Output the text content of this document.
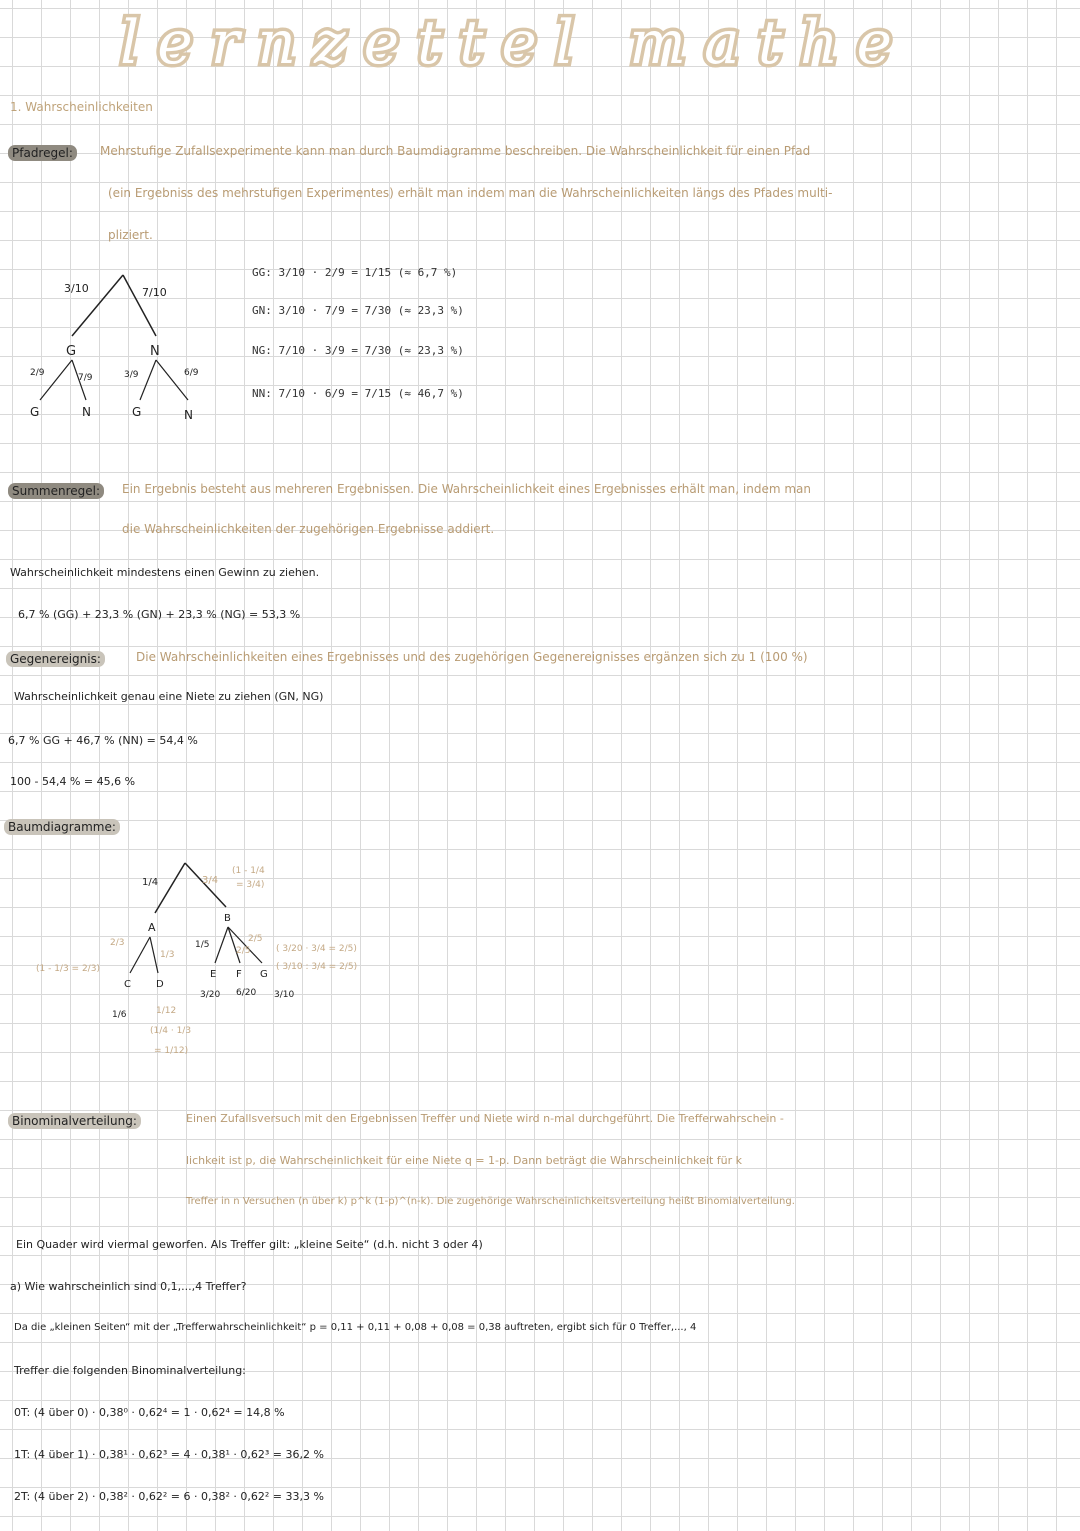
lernzettel mathe
1. Wahrscheinlichkeiten
Pfadregel:	Mehrstufige Zufallsexperimente kann man durch Baumdiagramme beschreiben. Die Wahrscheinlichkeit für einen Pfad
(ein Ergebniss des mehrstufigen Experimentes) erhält man indem man die Wahrscheinlichkeiten längs des Pfades multi-
pliziert.
3/10	7/10
G	N
2/9	7/9	3/9	6/9
G	N	G	N
GG: 3/10 · 2/9 = 1/15 (≈ 6,7 %)
GN: 3/10 · 7/9 = 7/30 (≈ 23,3 %)
NG: 7/10 · 3/9 = 7/30 (≈ 23,3 %)
NN: 7/10 · 6/9 = 7/15 (≈ 46,7 %)
Summenregel:	Ein Ergebnis besteht aus mehreren Ergebnissen. Die Wahrscheinlichkeit eines Ergebnisses erhält man, indem man
die Wahrscheinlichkeiten der zugehörigen Ergebnisse addiert.
Wahrscheinlichkeit mindestens einen Gewinn zu ziehen.
6,7 % (GG) + 23,3 % (GN) + 23,3 % (NG) = 53,3 %
Gegenereignis:	Die Wahrscheinlichkeiten eines Ergebnisses und des zugehörigen Gegenereignisses ergänzen sich zu 1 (100 %)
Wahrscheinlichkeit genau eine Niete zu ziehen (GN, NG)
6,7 % GG + 46,7 % (NN) = 54,4 %
100 - 54,4 % = 45,6 %
Baumdiagramme:
1/4	3/4
(1 - 1/4
= 3/4)
A
B
2/3
1/3
(1 - 1/3 = 2/3)
1/5
2/5
2/5
( 3/20 · 3/4 = 2/5)
( 3/10 : 3/4 = 2/5)
C	D
E F G
3/20 6/20 3/10
1/6	1/12
(1/4 · 1/3
= 1/12)
Binominalverteilung:	Einen Zufallsversuch mit den Ergebnissen Treffer und Niete wird n-mal durchgeführt. Die Trefferwahrschein -
lichkeit ist p, die Wahrscheinlichkeit für eine Niete q = 1-p. Dann beträgt die Wahrscheinlichkeit für k
Treffer in n Versuchen (n über k) p^k (1-p)^(n-k). Die zugehörige Wahrscheinlichkeitsverteilung heißt Binomialverteilung.
Ein Quader wird viermal geworfen. Als Treffer gilt: „kleine Seite“ (d.h. nicht 3 oder 4)
a) Wie wahrscheinlich sind 0,1,...,4 Treffer?
Da die „kleinen Seiten“ mit der „Trefferwahrscheinlichkeit“ p = 0,11 + 0,11 + 0,08 + 0,08 = 0,38 auftreten, ergibt sich für 0 Treffer,..., 4
Treffer die folgenden Binominalverteilung:
0T: (4 über 0) · 0,38⁰ · 0,62⁴ = 1 · 0,62⁴ = 14,8 %
1T: (4 über 1) · 0,38¹ · 0,62³ = 4 · 0,38¹ · 0,62³ = 36,2 %
2T: (4 über 2) · 0,38² · 0,62² = 6 · 0,38² · 0,62² = 33,3 %
